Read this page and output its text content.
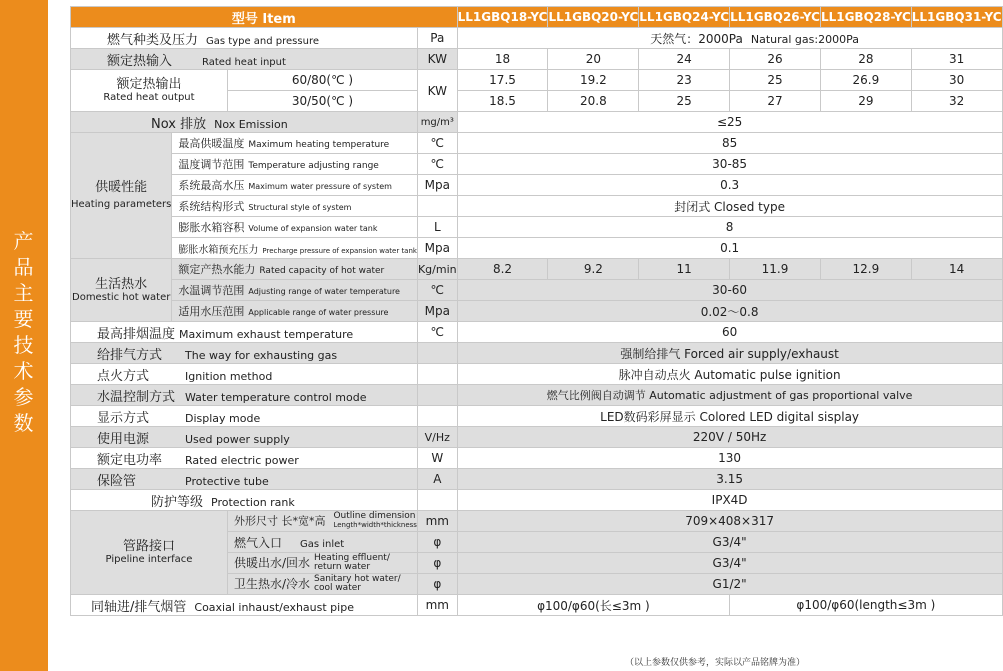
产
品
主
要
技
术
参
数
型号 Item				LL1GBQ18-YC	LL1GBQ20-YC	LL1GBQ24-YC	LL1GBQ26-YC	LL1GBQ28-YC	LL1GBQ31-YC
燃气种类及压力 Gas type and pressure			Pa	天然气：2000Pa Natural gas:2000Pa					
额定热输入 Rated heat input			KW	18	20	24	26	28	31

额定热输出
Rated heat output		60/80(℃ )	KW	17.5	19.2	23	25	26.9	30
		30/50(℃ )		18.5	20.8	25	27	29	32
Nox 排放 Nox Emission			mg/m³	≤25					

供暖性能
Heating parameters	最高供暖温度 Maximum heating temperature		℃	85					
	温度调节范围 Temperature adjusting range		℃	30-85					
	系统最高水压 Maximum water pressure of system		Mpa	0.3					
	系统结构形式 Structural style of system			封闭式 Closed type					
	膨胀水箱容积 Volume of expansion water tank		L	8					
	膨胀水箱预充压力 Precharge pressure of expansion water tank		Mpa	0.1					

生活热水
Domestic hot water	额定产热水能力 Rated capacity of hot water		Kg/min	8.2	9.2	11	11.9	12.9	14
	水温调节范围 Adjusting range of water temperature		℃	30-60					
	适用水压范围 Applicable range of water pressure		Mpa	0.02～0.8					
最高排烟温度 Maximum exhaust temperature			℃	60					
给排气方式 The way for exhausting gas				强制给排气 Forced air supply/exhaust					
点火方式 Ignition method				脉冲自动点火 Automatic pulse ignition					
水温控制方式 Water temperature control mode				燃气比例阀自动调节 Automatic adjustment of gas proportional valve					
显示方式 Display mode				LED数码彩屏显示 Colored LED digital sisplay					
使用电源 Used power supply			V/Hz	220V / 50Hz					
额定电功率 Rated electric power			W	130					
保险管 Protective tube			A	3.15					
防护等级 Protection rank				IPX4D					

管路接口
Pipeline interface		外形尺寸 长*宽*高 Outline dimension
Length*width*thickness	mm	709×408×317					
		燃气入口 Gas inlet	φ	G3/4"					
		供暖出水/回水 Heating effluent/
return water	φ	G3/4"					
		卫生热水/冷水 Sanitary hot water/
cool water	φ	G1/2"					
同轴进/排气烟管 Coaxial inhaust/exhaust pipe			mm	φ100/φ60(长≤3m )			φ100/φ60(length≤3m )		
（以上参数仅供参考，实际以产品铭牌为准）
